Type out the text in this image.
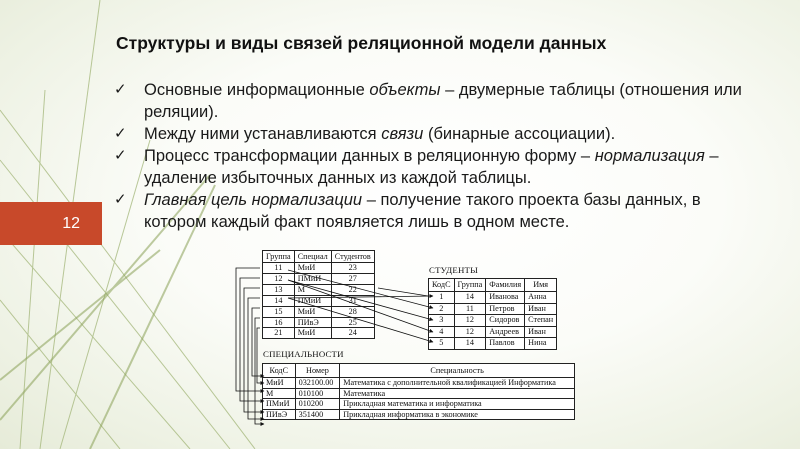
12
Структуры и виды связей реляционной модели данных
✓ Основные информационные объекты – двумерные таблицы (отношения или реляции).
✓ Между ними устанавливаются связи (бинарные ассоциации).
✓ Процесс трансформации данных в реляционную форму – нормализация – удаление избыточных данных из каждой таблицы.
✓ Главная цель нормализации – получение такого проекта базы данных, в котором каждый факт появляется лишь в одном месте.
Группа	Специал	Студентов
11	МиИ	23
12	ПМиИ	27
13	М	22
14	ПМиИ	31
15	МиИ	28
16	ПИвЭ	25
21	МиИ	24
СТУДЕНТЫ
КодС	Группа	Фамилия	Имя
1	14	Иванова	Анна
2	11	Петров	Иван
3	12	Сидоров	Степан
4	12	Андреев	Иван
5	14	Павлов	Нина
СПЕЦИАЛЬНОСТИ
КодС	Номер	Специальность
МиИ	032100.00	Математика с дополнительной квалификацией Информатика
М	010100	Математика
ПМиИ	010200	Прикладная математика и информатика
ПИвЭ	351400	Прикладная информатика в экономике
